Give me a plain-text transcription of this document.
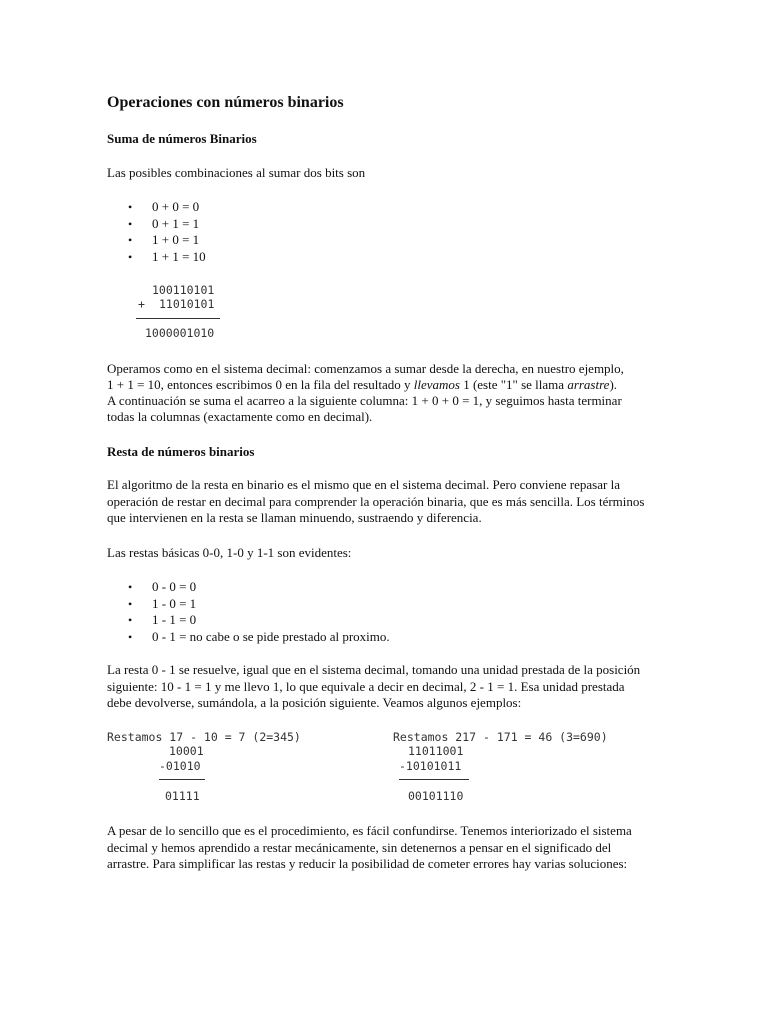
Operaciones con números binarios
Suma de números Binarios

Las posibles combinaciones al sumar dos bits son

• 0 + 0 = 0
• 0 + 1 = 1
• 1 + 0 = 1
• 1 + 1 = 10
100110101
+ 11010101
1000001010
Operamos como en el sistema decimal: comenzamos a sumar desde la derecha, en nuestro ejemplo,
1 + 1 = 10, entonces escribimos 0 en la fila del resultado y llevamos 1 (este "1" se llama arrastre).
A continuación se suma el acarreo a la siguiente columna: 1 + 0 + 0 = 1, y seguimos hasta terminar
todas la columnas (exactamente como en decimal).
Resta de números binarios

El algoritmo de la resta en binario es el mismo que en el sistema decimal. Pero conviene repasar la operación de restar en decimal para comprender la operación binaria, que es más sencilla. Los términos que intervienen en la resta se llaman minuendo, sustraendo y diferencia.

Las restas básicas 0-0, 1-0 y 1-1 son evidentes:

• 0 - 0 = 0
• 1 - 0 = 1
• 1 - 1 = 0
• 0 - 1 = no cabe o se pide prestado al proximo.

La resta 0 - 1 se resuelve, igual que en el sistema decimal, tomando una unidad prestada de la posición siguiente: 10 - 1 = 1 y me llevo 1, lo que equivale a decir en decimal, 2 - 1 = 1. Esa unidad prestada debe devolverse, sumándola, a la posición siguiente. Veamos algunos ejemplos:

Restamos 17 - 10 = 7 (2=345)
10001
-01010
01111
Restamos 217 - 171 = 46 (3=690)
11011001
-10101011
00101110

A pesar de lo sencillo que es el procedimiento, es fácil confundirse. Tenemos interiorizado el sistema decimal y hemos aprendido a restar mecánicamente, sin detenernos a pensar en el significado del arrastre. Para simplificar las restas y reducir la posibilidad de cometer errores hay varias soluciones:
